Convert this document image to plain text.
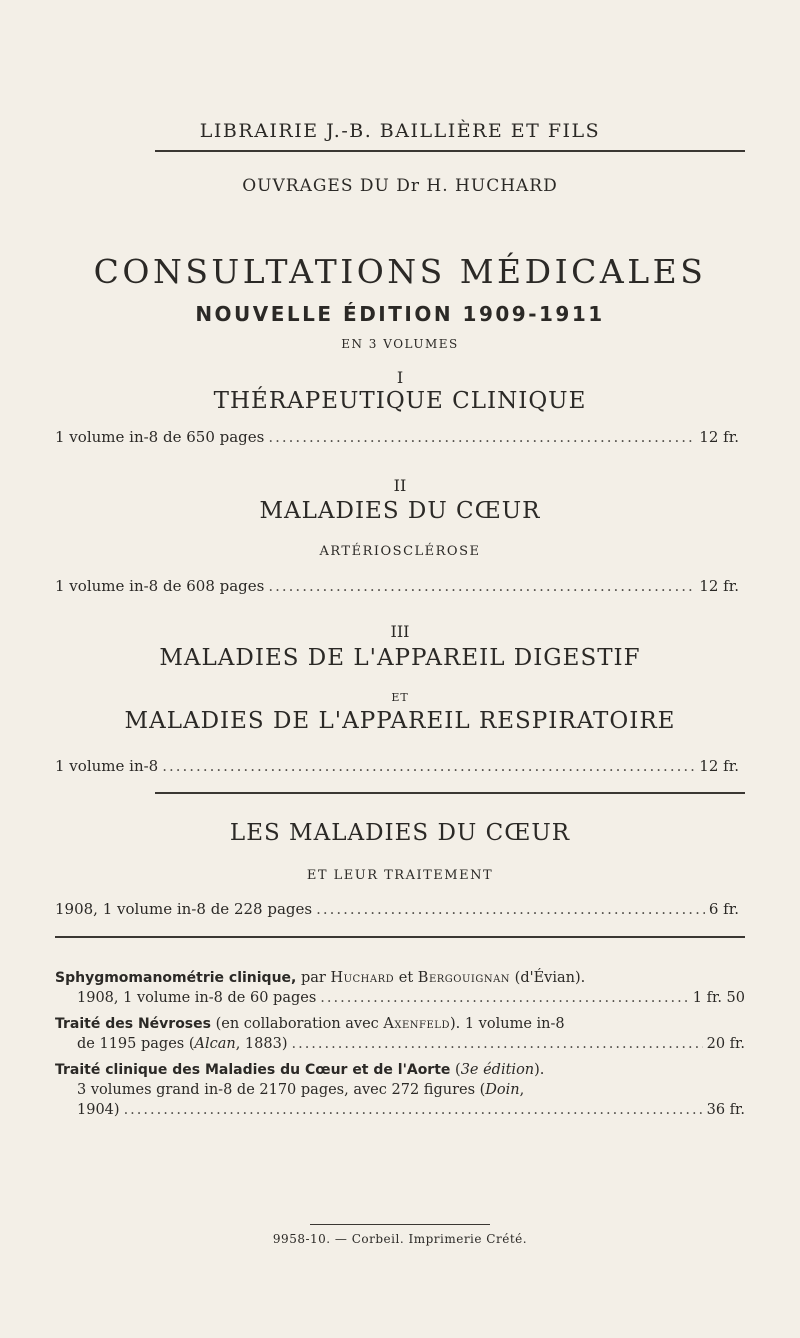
LIBRAIRIE J.-B. BAILLIÈRE ET FILS
OUVRAGES DU Dr H. HUCHARD
CONSULTATIONS MÉDICALES
NOUVELLE ÉDITION 1909-1911
EN 3 VOLUMES
I
THÉRAPEUTIQUE CLINIQUE
1 volume in-8 de 650 pages .....	12 fr.
II
MALADIES DU CŒUR
ARTÉRIOSCLÉROSE
1 volume in-8 de 608 pages .....	12 fr.
III
MALADIES DE L'APPAREIL DIGESTIF
ET
MALADIES DE L'APPAREIL RESPIRATOIRE
1 volume in-8 .....	12 fr.
LES MALADIES DU CŒUR
ET LEUR TRAITEMENT
1908, 1 volume in-8 de 228 pages .....	6 fr.
Sphygmomanométrie clinique, par Huchard et Bergouignan (d'Évian).
1908, 1 volume in-8 de 60 pages .....	1 fr. 50
Traité des Névroses (en collaboration avec Axenfeld). 1 volume in-8
de 1195 pages (Alcan, 1883) .....	20 fr.
Traité clinique des Maladies du Cœur et de l'Aorte (3e édition).
3 volumes grand in-8 de 2170 pages, avec 272 figures (Doin,
1904) .....	36 fr.
9958-10. — Corbeil. Imprimerie Crété.
